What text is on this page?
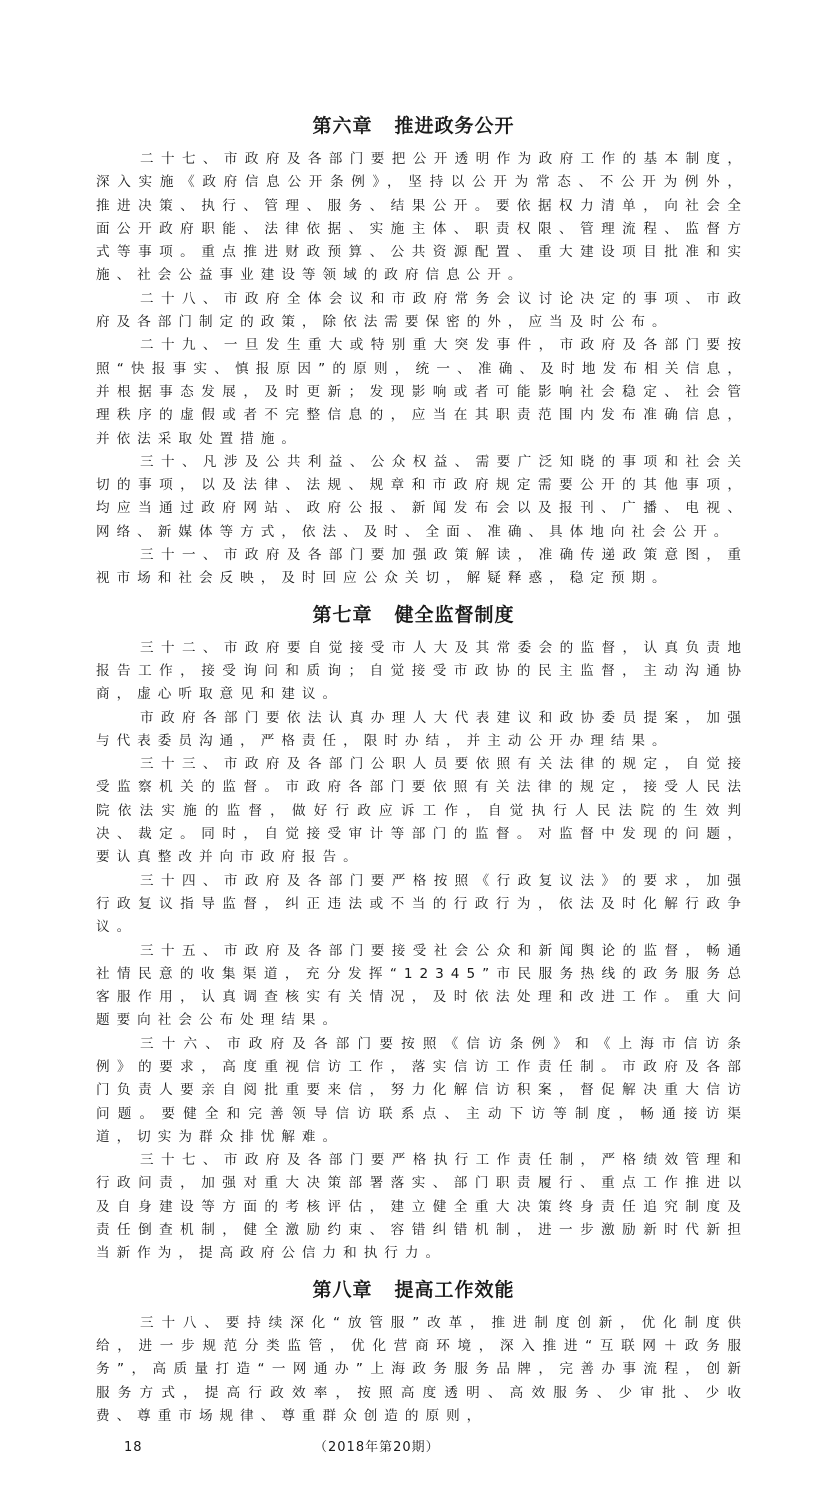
第六章 推进政务公开

二十七、市政府及各部门要把公开透明作为政府工作的基本制度，深入实施《政府信息公开条例》，坚持以公开为常态、不公开为例外，推进决策、执行、管理、服务、结果公开。要依据权力清单，向社会全面公开政府职能、法律依据、实施主体、职责权限、管理流程、监督方式等事项。重点推进财政预算、公共资源配置、重大建设项目批准和实施、社会公益事业建设等领域的政府信息公开。

二十八、市政府全体会议和市政府常务会议讨论决定的事项、市政府及各部门制定的政策，除依法需要保密的外，应当及时公布。

二十九、一旦发生重大或特别重大突发事件，市政府及各部门要按照“快报事实、慎报原因”的原则，统一、准确、及时地发布相关信息，并根据事态发展，及时更新；发现影响或者可能影响社会稳定、社会管理秩序的虚假或者不完整信息的，应当在其职责范围内发布准确信息，并依法采取处置措施。

三十、凡涉及公共利益、公众权益、需要广泛知晓的事项和社会关切的事项，以及法律、法规、规章和市政府规定需要公开的其他事项，均应当通过政府网站、政府公报、新闻发布会以及报刊、广播、电视、网络、新媒体等方式，依法、及时、全面、准确、具体地向社会公开。

三十一、市政府及各部门要加强政策解读，准确传递政策意图，重视市场和社会反映，及时回应公众关切，解疑释惑，稳定预期。

第七章 健全监督制度

三十二、市政府要自觉接受市人大及其常委会的监督，认真负责地报告工作，接受询问和质询；自觉接受市政协的民主监督，主动沟通协商，虚心听取意见和建议。

市政府各部门要依法认真办理人大代表建议和政协委员提案，加强与代表委员沟通，严格责任，限时办结，并主动公开办理结果。

三十三、市政府及各部门公职人员要依照有关法律的规定，自觉接受监察机关的监督。市政府各部门要依照有关法律的规定，接受人民法院依法实施的监督，做好行政应诉工作，自觉执行人民法院的生效判决、裁定。同时，自觉接受审计等部门的监督。对监督中发现的问题，要认真整改并向市政府报告。

三十四、市政府及各部门要严格按照《行政复议法》的要求，加强行政复议指导监督，纠正违法或不当的行政行为，依法及时化解行政争议。

三十五、市政府及各部门要接受社会公众和新闻舆论的监督，畅通社情民意的收集渠道，充分发挥“12345”市民服务热线的政务服务总客服作用，认真调查核实有关情况，及时依法处理和改进工作。重大问题要向社会公布处理结果。

三十六、市政府及各部门要按照《信访条例》和《上海市信访条例》的要求，高度重视信访工作，落实信访工作责任制。市政府及各部门负责人要亲自阅批重要来信，努力化解信访积案，督促解决重大信访问题。要健全和完善领导信访联系点、主动下访等制度，畅通接访渠道，切实为群众排忧解难。

三十七、市政府及各部门要严格执行工作责任制，严格绩效管理和行政问责，加强对重大决策部署落实、部门职责履行、重点工作推进以及自身建设等方面的考核评估，建立健全重大决策终身责任追究制度及责任倒查机制，健全激励约束、容错纠错机制，进一步激励新时代新担当新作为，提高政府公信力和执行力。

第八章 提高工作效能

三十八、要持续深化“放管服”改革，推进制度创新，优化制度供给，进一步规范分类监管，优化营商环境，深入推进“互联网＋政务服务”，高质量打造“一网通办”上海政务服务品牌，完善办事流程，创新服务方式，提高行政效率，按照高度透明、高效服务、少审批、少收费、尊重市场规律、尊重群众创造的原则，

18	（2018年第20期）
